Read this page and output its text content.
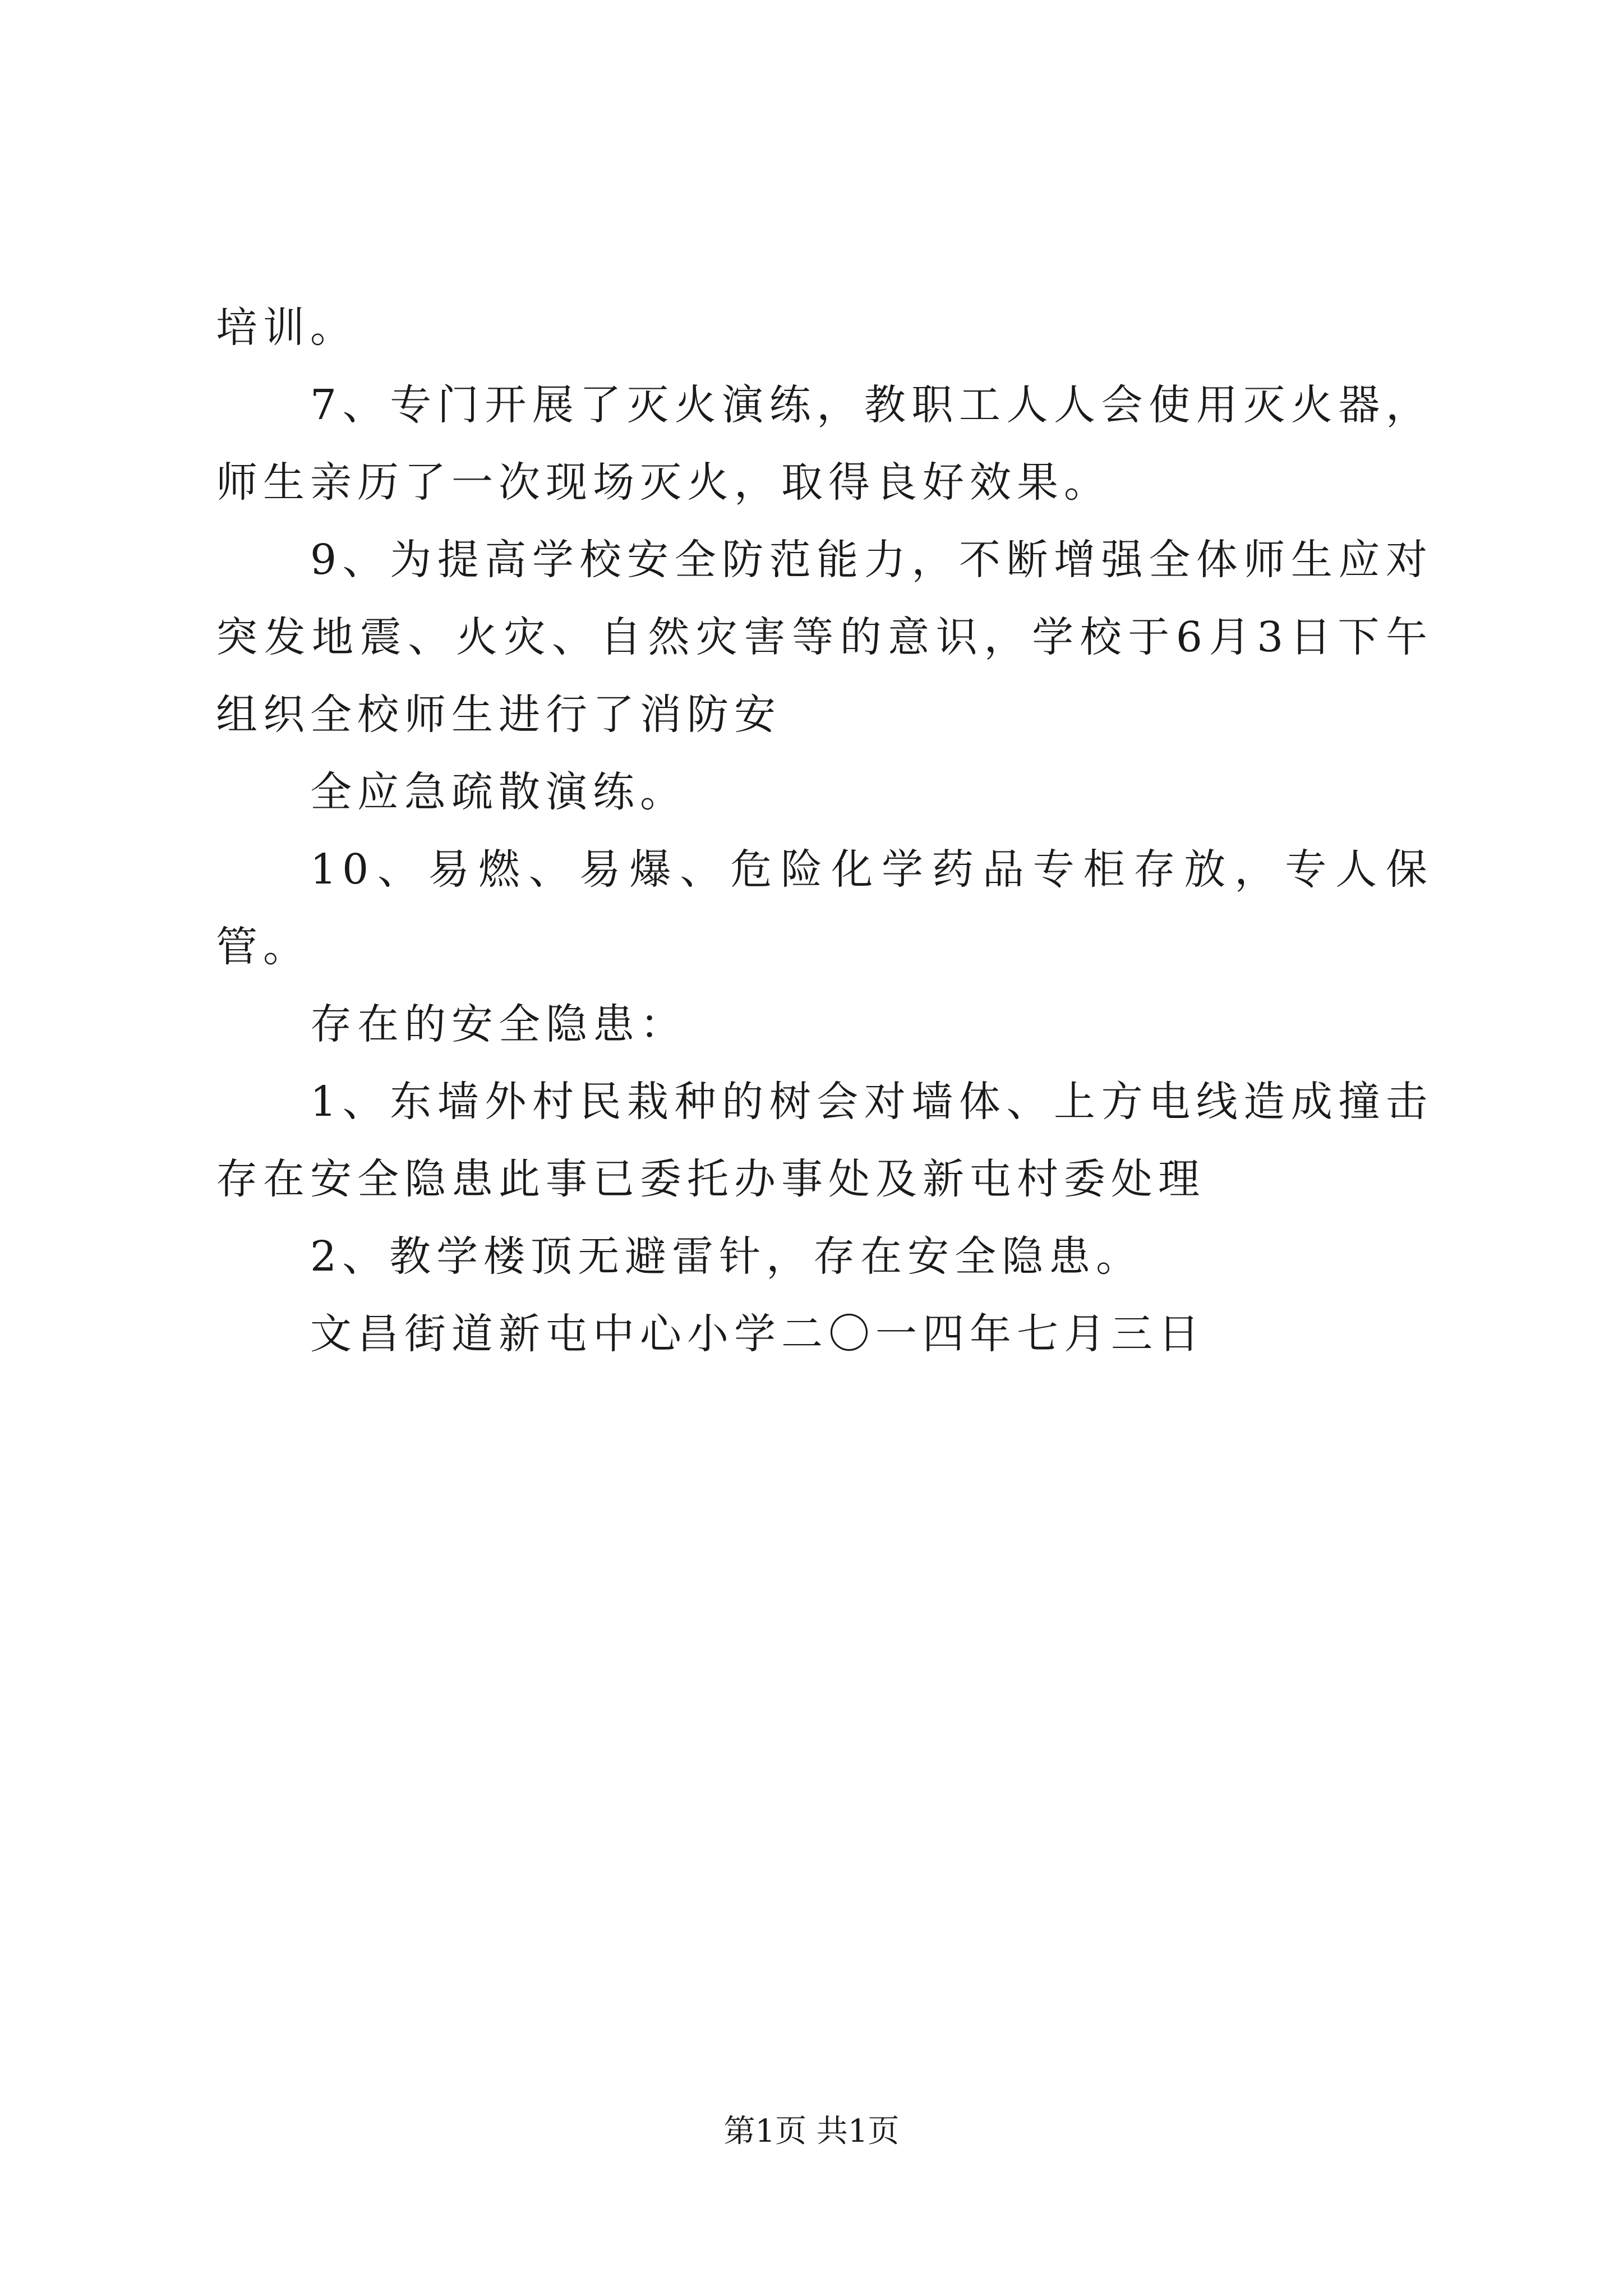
培训。

7、专门开展了灭火演练，教职工人人会使用灭火器，师生亲历了一次现场灭火，取得良好效果。

9、为提高学校安全防范能力，不断增强全体师生应对突发地震、火灾、自然灾害等的意识，学校于6月3日下午组织全校师生进行了消防安

全应急疏散演练。

10、易燃、易爆、危险化学药品专柜存放，专人保管。

存在的安全隐患：

1、东墙外村民栽种的树会对墙体、上方电线造成撞击存在安全隐患此事已委托办事处及新屯村委处理

2、教学楼顶无避雷针，存在安全隐患。

文昌街道新屯中心小学二〇一四年七月三日

第1页 共1页
